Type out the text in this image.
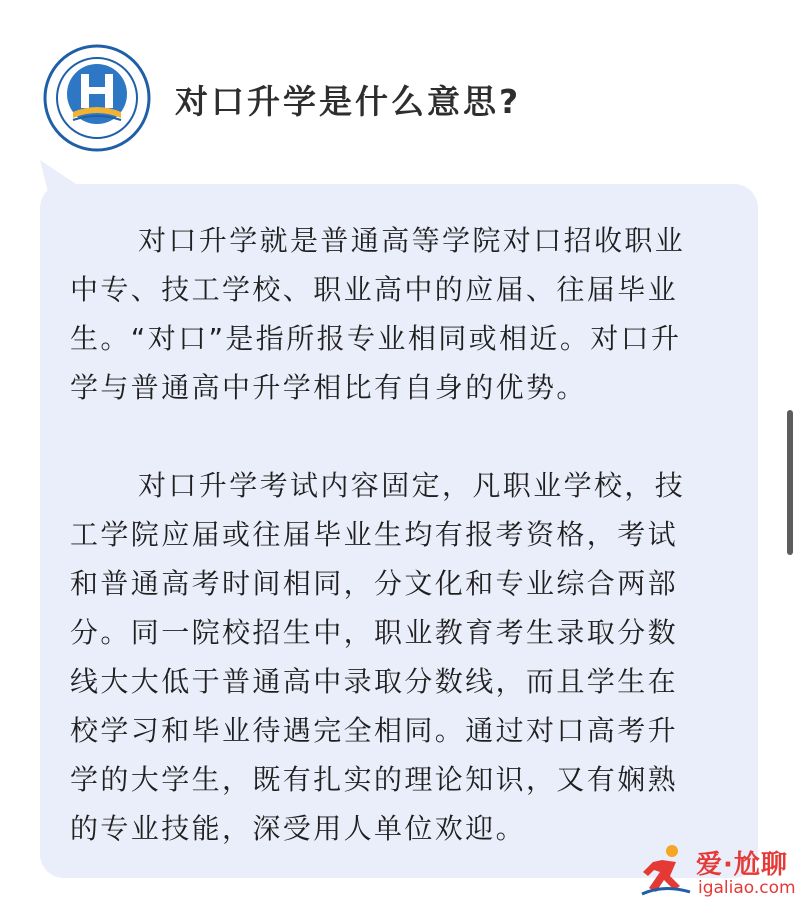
对口升学是什么意思?
对口升学就是普通高等学院对口招收职业
中专、技工学校、职业高中的应届、往届毕业
生。“对口”是指所报专业相同或相近。对口升
学与普通高中升学相比有自身的优势。
对口升学考试内容固定，凡职业学校，技
工学院应届或往届毕业生均有报考资格，考试
和普通高考时间相同，分文化和专业综合两部
分。同一院校招生中，职业教育考生录取分数
线大大低于普通高中录取分数线，而且学生在
校学习和毕业待遇完全相同。通过对口高考升
学的大学生，既有扎实的理论知识，又有娴熟
的专业技能，深受用人单位欢迎。
爱·尬聊
igaliao.com
